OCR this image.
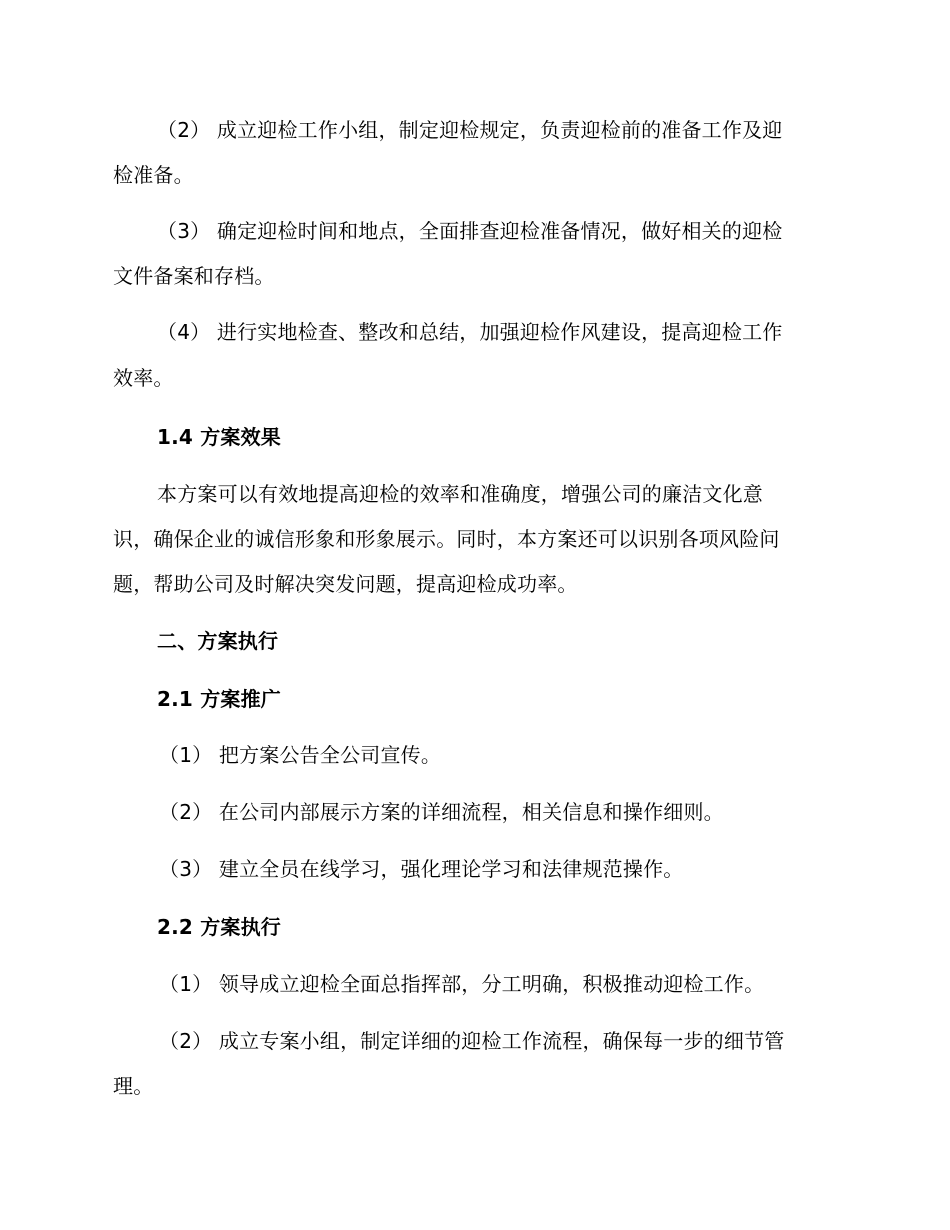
（2） 成立迎检工作小组，制定迎检规定，负责迎检前的准备工作及迎
检准备。
（3） 确定迎检时间和地点，全面排查迎检准备情况，做好相关的迎检
文件备案和存档。
（4） 进行实地检查、整改和总结，加强迎检作风建设，提高迎检工作
效率。
1.4 方案效果
本方案可以有效地提高迎检的效率和准确度，增强公司的廉洁文化意
识，确保企业的诚信形象和形象展示。同时，本方案还可以识别各项风险问
题，帮助公司及时解决突发问题，提高迎检成功率。
二、方案执行
2.1 方案推广
（1） 把方案公告全公司宣传。
（2） 在公司内部展示方案的详细流程，相关信息和操作细则。
（3） 建立全员在线学习，强化理论学习和法律规范操作。
2.2 方案执行
（1） 领导成立迎检全面总指挥部，分工明确，积极推动迎检工作。
（2） 成立专案小组，制定详细的迎检工作流程，确保每一步的细节管
理。
